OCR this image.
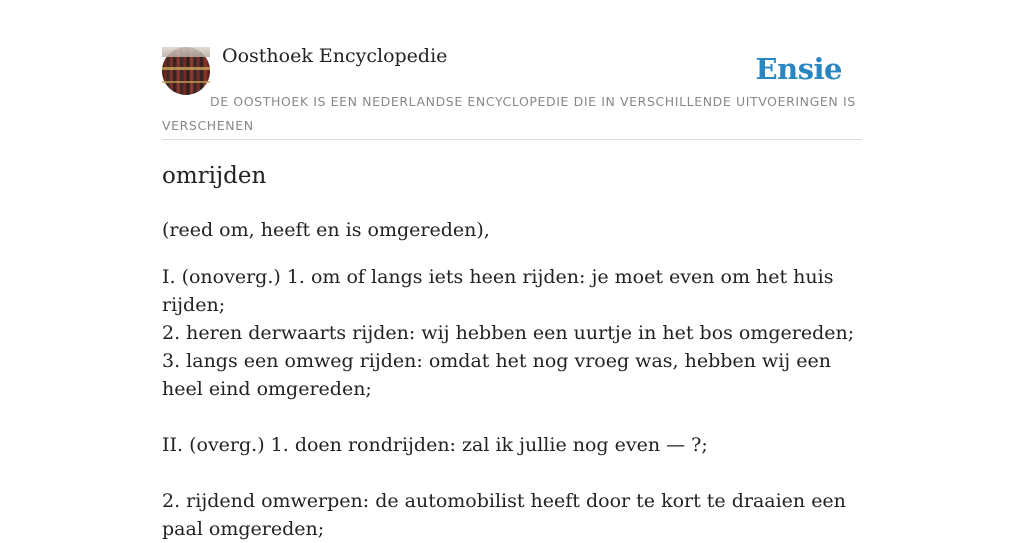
Oosthoek Encyclopedie	Ensie
DE OOSTHOEK IS EEN NEDERLANDSE ENCYCLOPEDIE DIE IN VERSCHILLENDE UITVOERINGEN IS VERSCHENEN
omrijden

(reed om, heeft en is omgereden),

I. (onoverg.) 1. om of langs iets heen rijden: je moet even om het huis rijden;

2. heren derwaarts rijden: wij hebben een uurtje in het bos omgereden;

3. langs een omweg rijden: omdat het nog vroeg was, hebben wij een heel eind omgereden;

II. (overg.) 1. doen rondrijden: zal ik jullie nog even — ?;

2. rijdend omwerpen: de automobilist heeft door te kort te draaien een paal omgereden;
